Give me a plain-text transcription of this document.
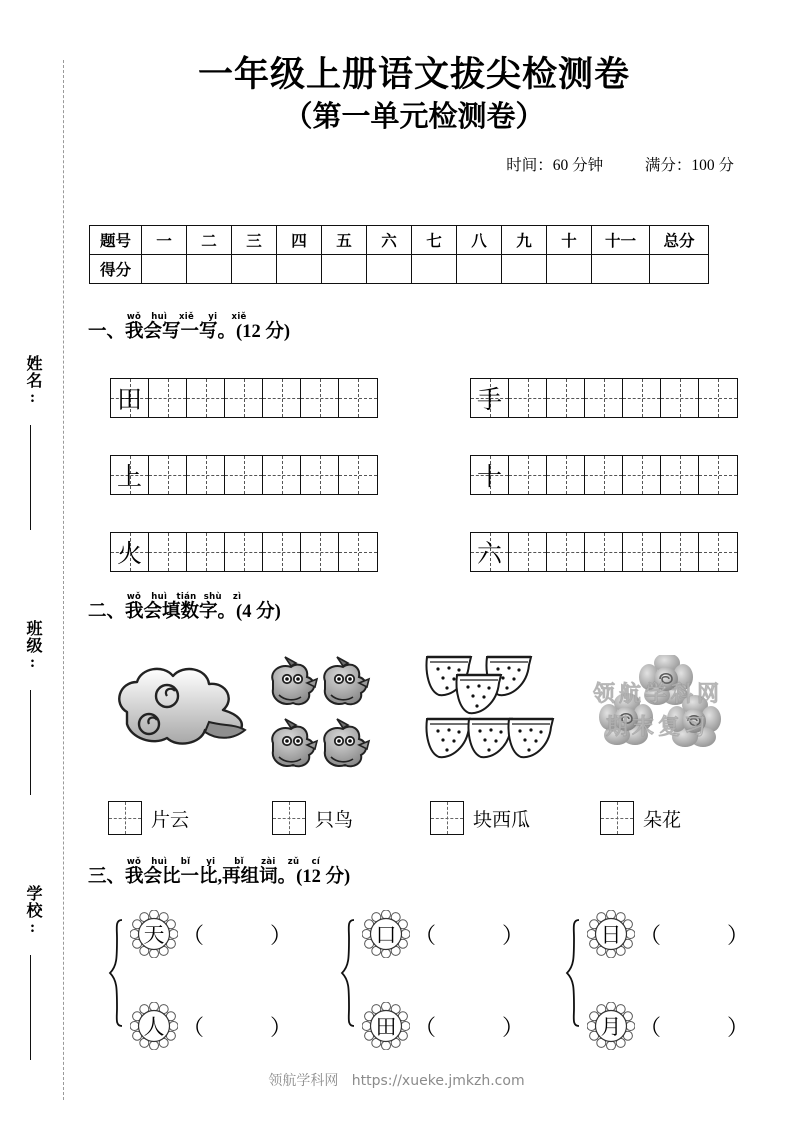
姓名:
班级:
学校:
一年级上册语文拔尖检测卷
（第一单元检测卷）
时间：60 分钟	满分：100 分
题号	一	二	三	四	五	六	七	八	九	十	十一	总分
得分												
wǒ huì xiě yi xiě
一、我会写一写。(12 分)
田	手
上	十
火	六
wǒ huì tián shù zì
二、我会填数字。(4 分)
领航学科网
期末复习
片云	只鸟	块西瓜	朵花
wǒ huì bǐ yi bǐ zài zǔ cí
三、我会比一比,再组词。(12 分)
天 （	）
人 （	）
口 （	）
田 （	）
日 （	）
月 （	）
领航学科网 https://xueke.jmkzh.com
